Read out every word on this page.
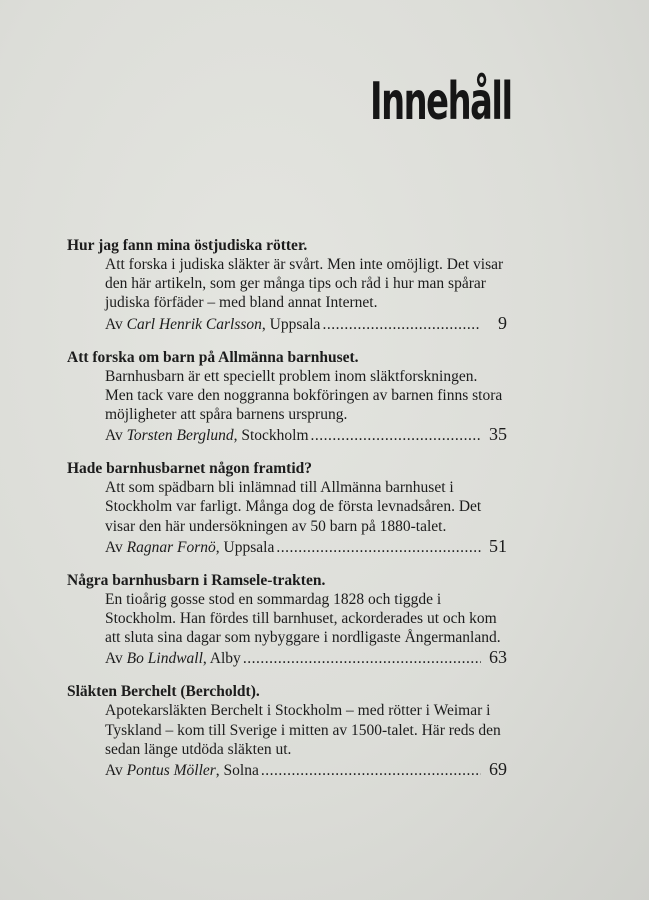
Innehåll
Hur jag fann mina östjudiska rötter.
Att forska i judiska släkter är svårt. Men inte omöjligt. Det visar den här artikeln, som ger många tips och råd i hur man spårar judiska förfäder – med bland annat Internet.
Av
Carl Henrik Carlsson , Uppsala .....	9
Att forska om barn på Allmänna barnhuset.
Barnhusbarn är ett speciellt problem inom släktforskningen. Men tack vare den noggranna bokföringen av barnen finns stora möjligheter att spåra barnens ursprung.
Av
Torsten Berglund , Stockholm .....	35
Hade barnhusbarnet någon framtid?
Att som spädbarn bli inlämnad till Allmänna barnhuset i Stockholm var farligt. Många dog de första levnadsåren. Det visar den här undersökningen av 50 barn på 1880-talet.
Av
Ragnar Fornö , Uppsala .....	51
Några barnhusbarn i Ramsele-trakten.
En tioårig gosse stod en sommardag 1828 och tiggde i Stockholm. Han fördes till barnhuset, ackorderades ut och kom att sluta sina dagar som nybyggare i nordligaste Ångermanland.
Av
Bo Lindwall , Alby .....	63
Släkten Berchelt (Bercholdt).
Apotekarsläkten Berchelt i Stockholm – med rötter i Weimar i Tyskland – kom till Sverige i mitten av 1500-talet. Här reds den sedan länge utdöda släkten ut.
Av
Pontus Möller , Solna .....	69
